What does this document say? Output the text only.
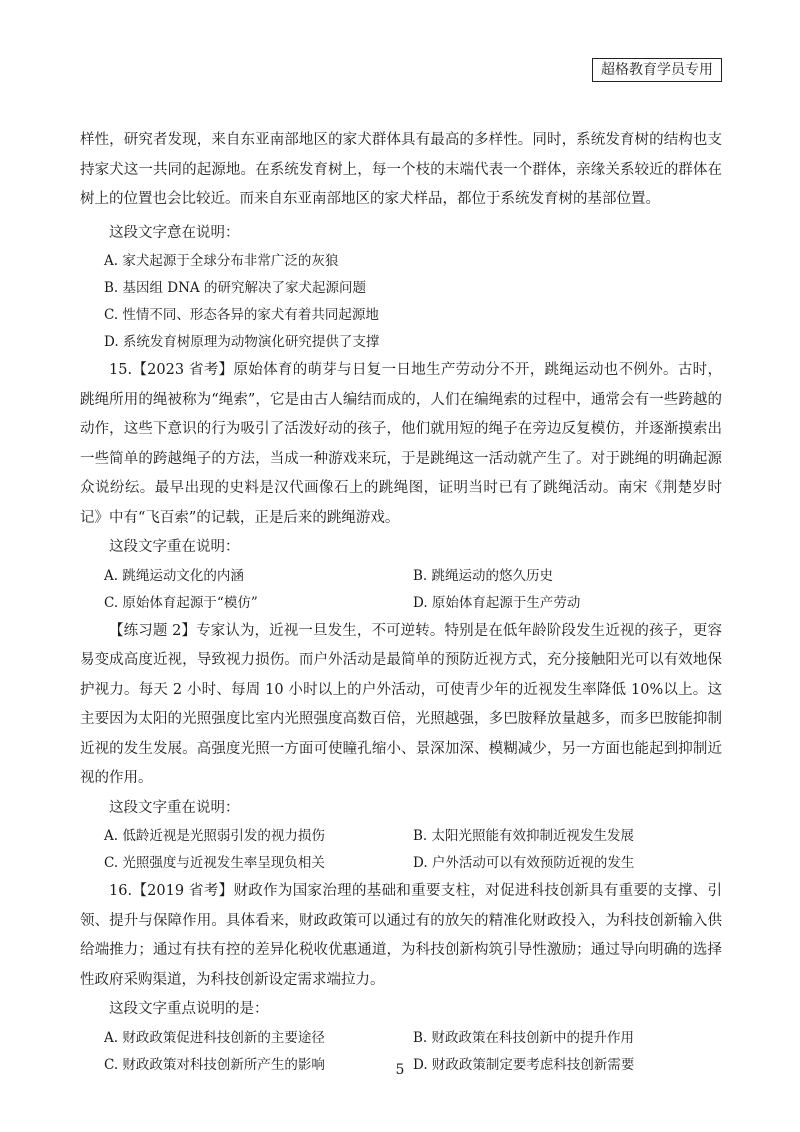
超格教育学员专用

样性，研究者发现，来自东亚南部地区的家犬群体具有最高的多样性。同时，系统发育树的结构也支持家犬这一共同的起源地。在系统发育树上，每一个枝的末端代表一个群体，亲缘关系较近的群体在树上的位置也会比较近。而来自东亚南部地区的家犬样品，都位于系统发育树的基部位置。

这段文字意在说明：

A. 家犬起源于全球分布非常广泛的灰狼
B. 基因组 DNA 的研究解决了家犬起源问题
C. 性情不同、形态各异的家犬有着共同起源地
D. 系统发育树原理为动物演化研究提供了支撑

15.【2023 省考】原始体育的萌芽与日复一日地生产劳动分不开，跳绳运动也不例外。古时，跳绳所用的绳被称为“绳索”，它是由古人编结而成的，人们在编绳索的过程中，通常会有一些跨越的动作，这些下意识的行为吸引了活泼好动的孩子，他们就用短的绳子在旁边反复模仿，并逐渐摸索出一些简单的跨越绳子的方法，当成一种游戏来玩，于是跳绳这一活动就产生了。对于跳绳的明确起源众说纷纭。最早出现的史料是汉代画像石上的跳绳图，证明当时已有了跳绳活动。南宋《荆楚岁时记》中有“飞百索”的记载，正是后来的跳绳游戏。

这段文字重在说明：

A. 跳绳运动文化的内涵	B. 跳绳运动的悠久历史
C. 原始体育起源于“模仿”	D. 原始体育起源于生产劳动

【练习题 2】专家认为，近视一旦发生，不可逆转。特别是在低年龄阶段发生近视的孩子，更容易变成高度近视，导致视力损伤。而户外活动是最简单的预防近视方式，充分接触阳光可以有效地保护视力。每天 2 小时、每周 10 小时以上的户外活动，可使青少年的近视发生率降低 10%以上。这主要因为太阳的光照强度比室内光照强度高数百倍，光照越强，多巴胺释放量越多，而多巴胺能抑制近视的发生发展。高强度光照一方面可使瞳孔缩小、景深加深、模糊减少，另一方面也能起到抑制近视的作用。

这段文字重在说明：

A. 低龄近视是光照弱引发的视力损伤	B. 太阳光照能有效抑制近视发生发展
C. 光照强度与近视发生率呈现负相关	D. 户外活动可以有效预防近视的发生

16.【2019 省考】财政作为国家治理的基础和重要支柱，对促进科技创新具有重要的支撑、引领、提升与保障作用。具体看来，财政政策可以通过有的放矢的精准化财政投入，为科技创新输入供给端推力；通过有扶有控的差异化税收优惠通道，为科技创新构筑引导性激励；通过导向明确的选择性政府采购渠道，为科技创新设定需求端拉力。

这段文字重点说明的是：

A. 财政政策促进科技创新的主要途径	B. 财政政策在科技创新中的提升作用
C. 财政政策对科技创新所产生的影响	D. 财政政策制定要考虑科技创新需要
5
